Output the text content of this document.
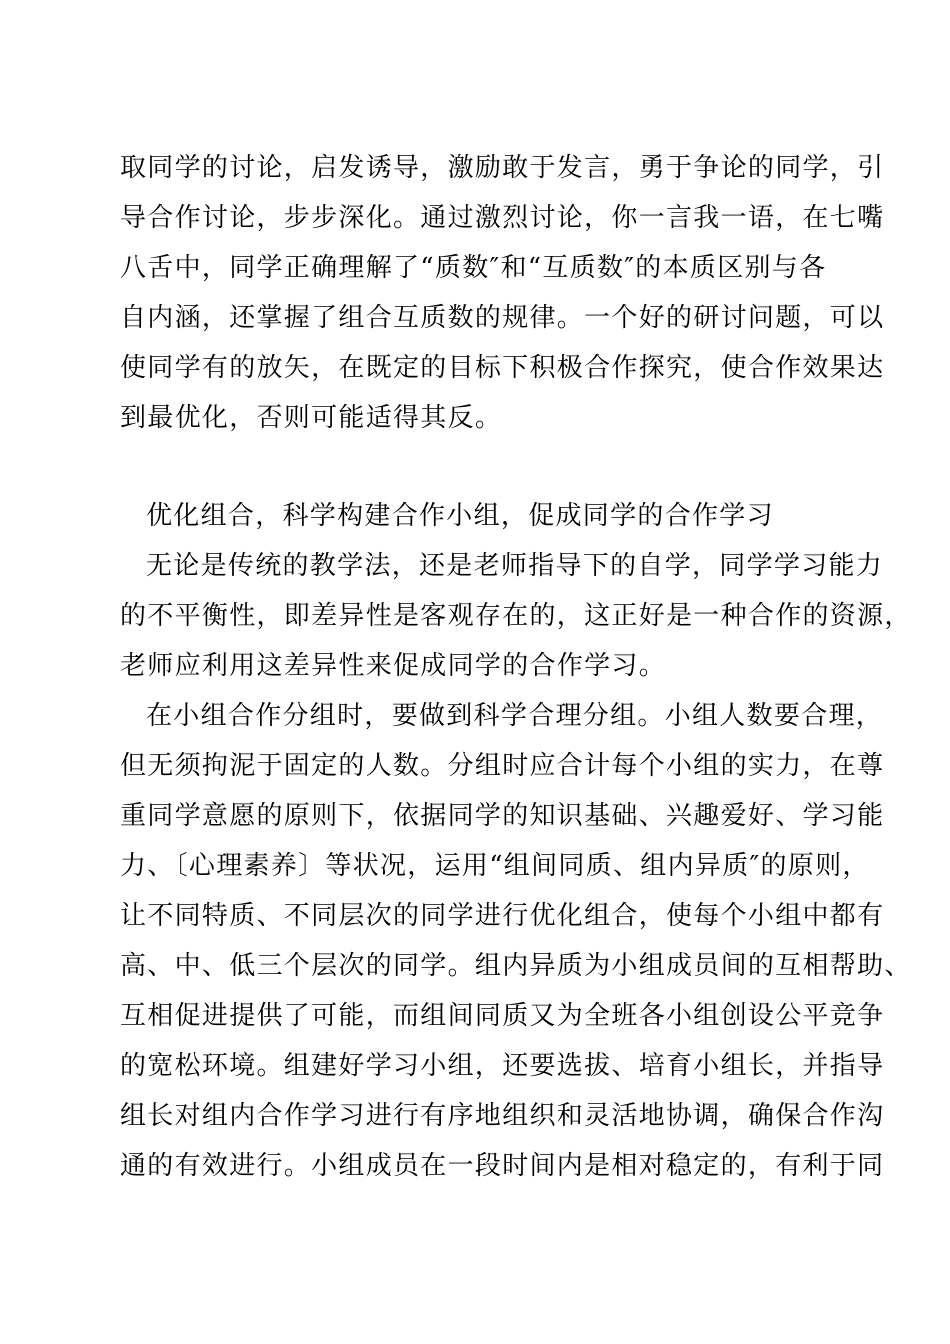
取同学的讨论，启发诱导，激励敢于发言，勇于争论的同学，引
导合作讨论，步步深化。通过激烈讨论，你一言我一语，在七嘴
八舌中，同学正确理解了“质数″和“互质数″的本质区别与各
自内涵，还掌握了组合互质数的规律。一个好的研讨问题，可以
使同学有的放矢，在既定的目标下积极合作探究，使合作效果达
到最优化，否则可能适得其反。
优化组合，科学构建合作小组，促成同学的合作学习
无论是传统的教学法，还是老师指导下的自学，同学学习能力
的不平衡性，即差异性是客观存在的，这正好是一种合作的资源，
老师应利用这差异性来促成同学的合作学习。
在小组合作分组时，要做到科学合理分组。小组人数要合理，
但无须拘泥于固定的人数。分组时应合计每个小组的实力，在尊
重同学意愿的原则下，依据同学的知识基础、兴趣爱好、学习能
力、〔心理素养〕等状况，运用“组间同质、组内异质″的原则，
让不同特质、不同层次的同学进行优化组合，使每个小组中都有
高、中、低三个层次的同学。组内异质为小组成员间的互相帮助、
互相促进提供了可能，而组间同质又为全班各小组创设公平竞争
的宽松环境。组建好学习小组，还要选拔、培育小组长，并指导
组长对组内合作学习进行有序地组织和灵活地协调，确保合作沟
通的有效进行。小组成员在一段时间内是相对稳定的，有利于同
